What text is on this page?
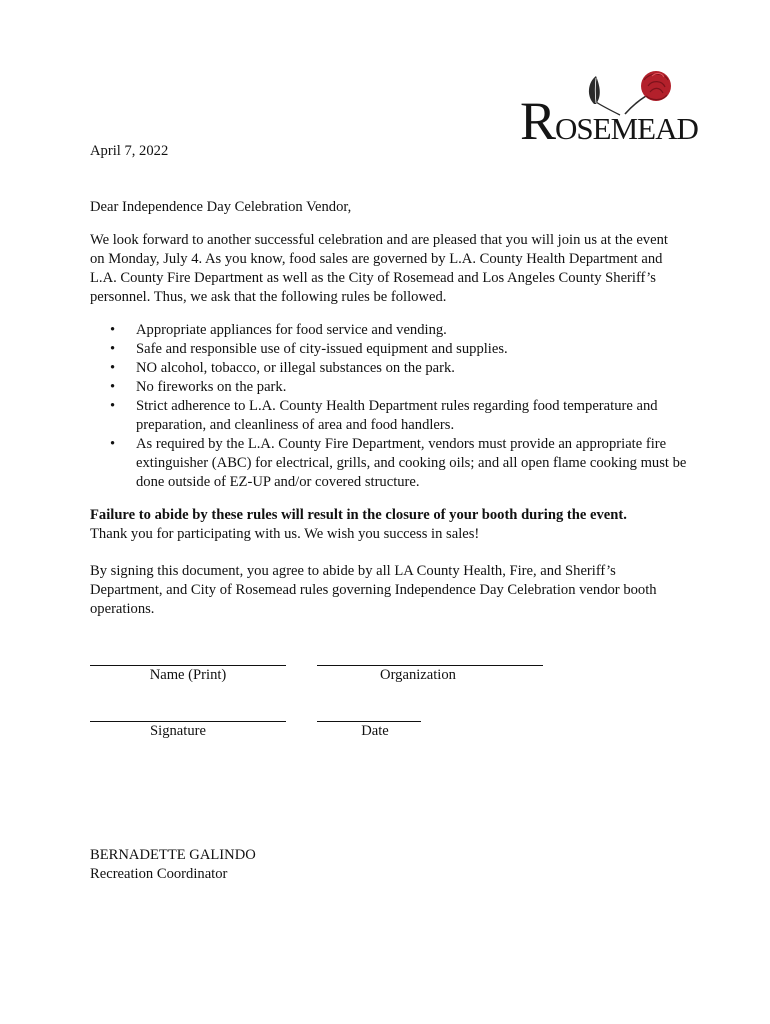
ROSEMEAD
April 7, 2022
Dear Independence Day Celebration Vendor,
We look forward to another successful celebration and are pleased that you will join us at the event on Monday, July 4. As you know, food sales are governed by L.A. County Health Department and L.A. County Fire Department as well as the City of Rosemead and Los Angeles County Sheriff’s personnel. Thus, we ask that the following rules be followed.
• Appropriate appliances for food service and vending.
• Safe and responsible use of city-issued equipment and supplies.
• NO alcohol, tobacco, or illegal substances on the park.
• No fireworks on the park.
• Strict adherence to L.A. County Health Department rules regarding food temperature and preparation, and cleanliness of area and food handlers.
• As required by the L.A. County Fire Department, vendors must provide an appropriate fire extinguisher (ABC) for electrical, grills, and cooking oils; and all open flame cooking must be done outside of EZ-UP and/or covered structure.
Failure to abide by these rules will result in the closure of your booth during the event.
Thank you for participating with us. We wish you success in sales!
By signing this document, you agree to abide by all LA County Health, Fire, and Sheriff’s Department, and City of Rosemead rules governing Independence Day Celebration vendor booth operations.
Name (Print)	Organization
Signature	Date
BERNADETTE GALINDO
Recreation Coordinator
